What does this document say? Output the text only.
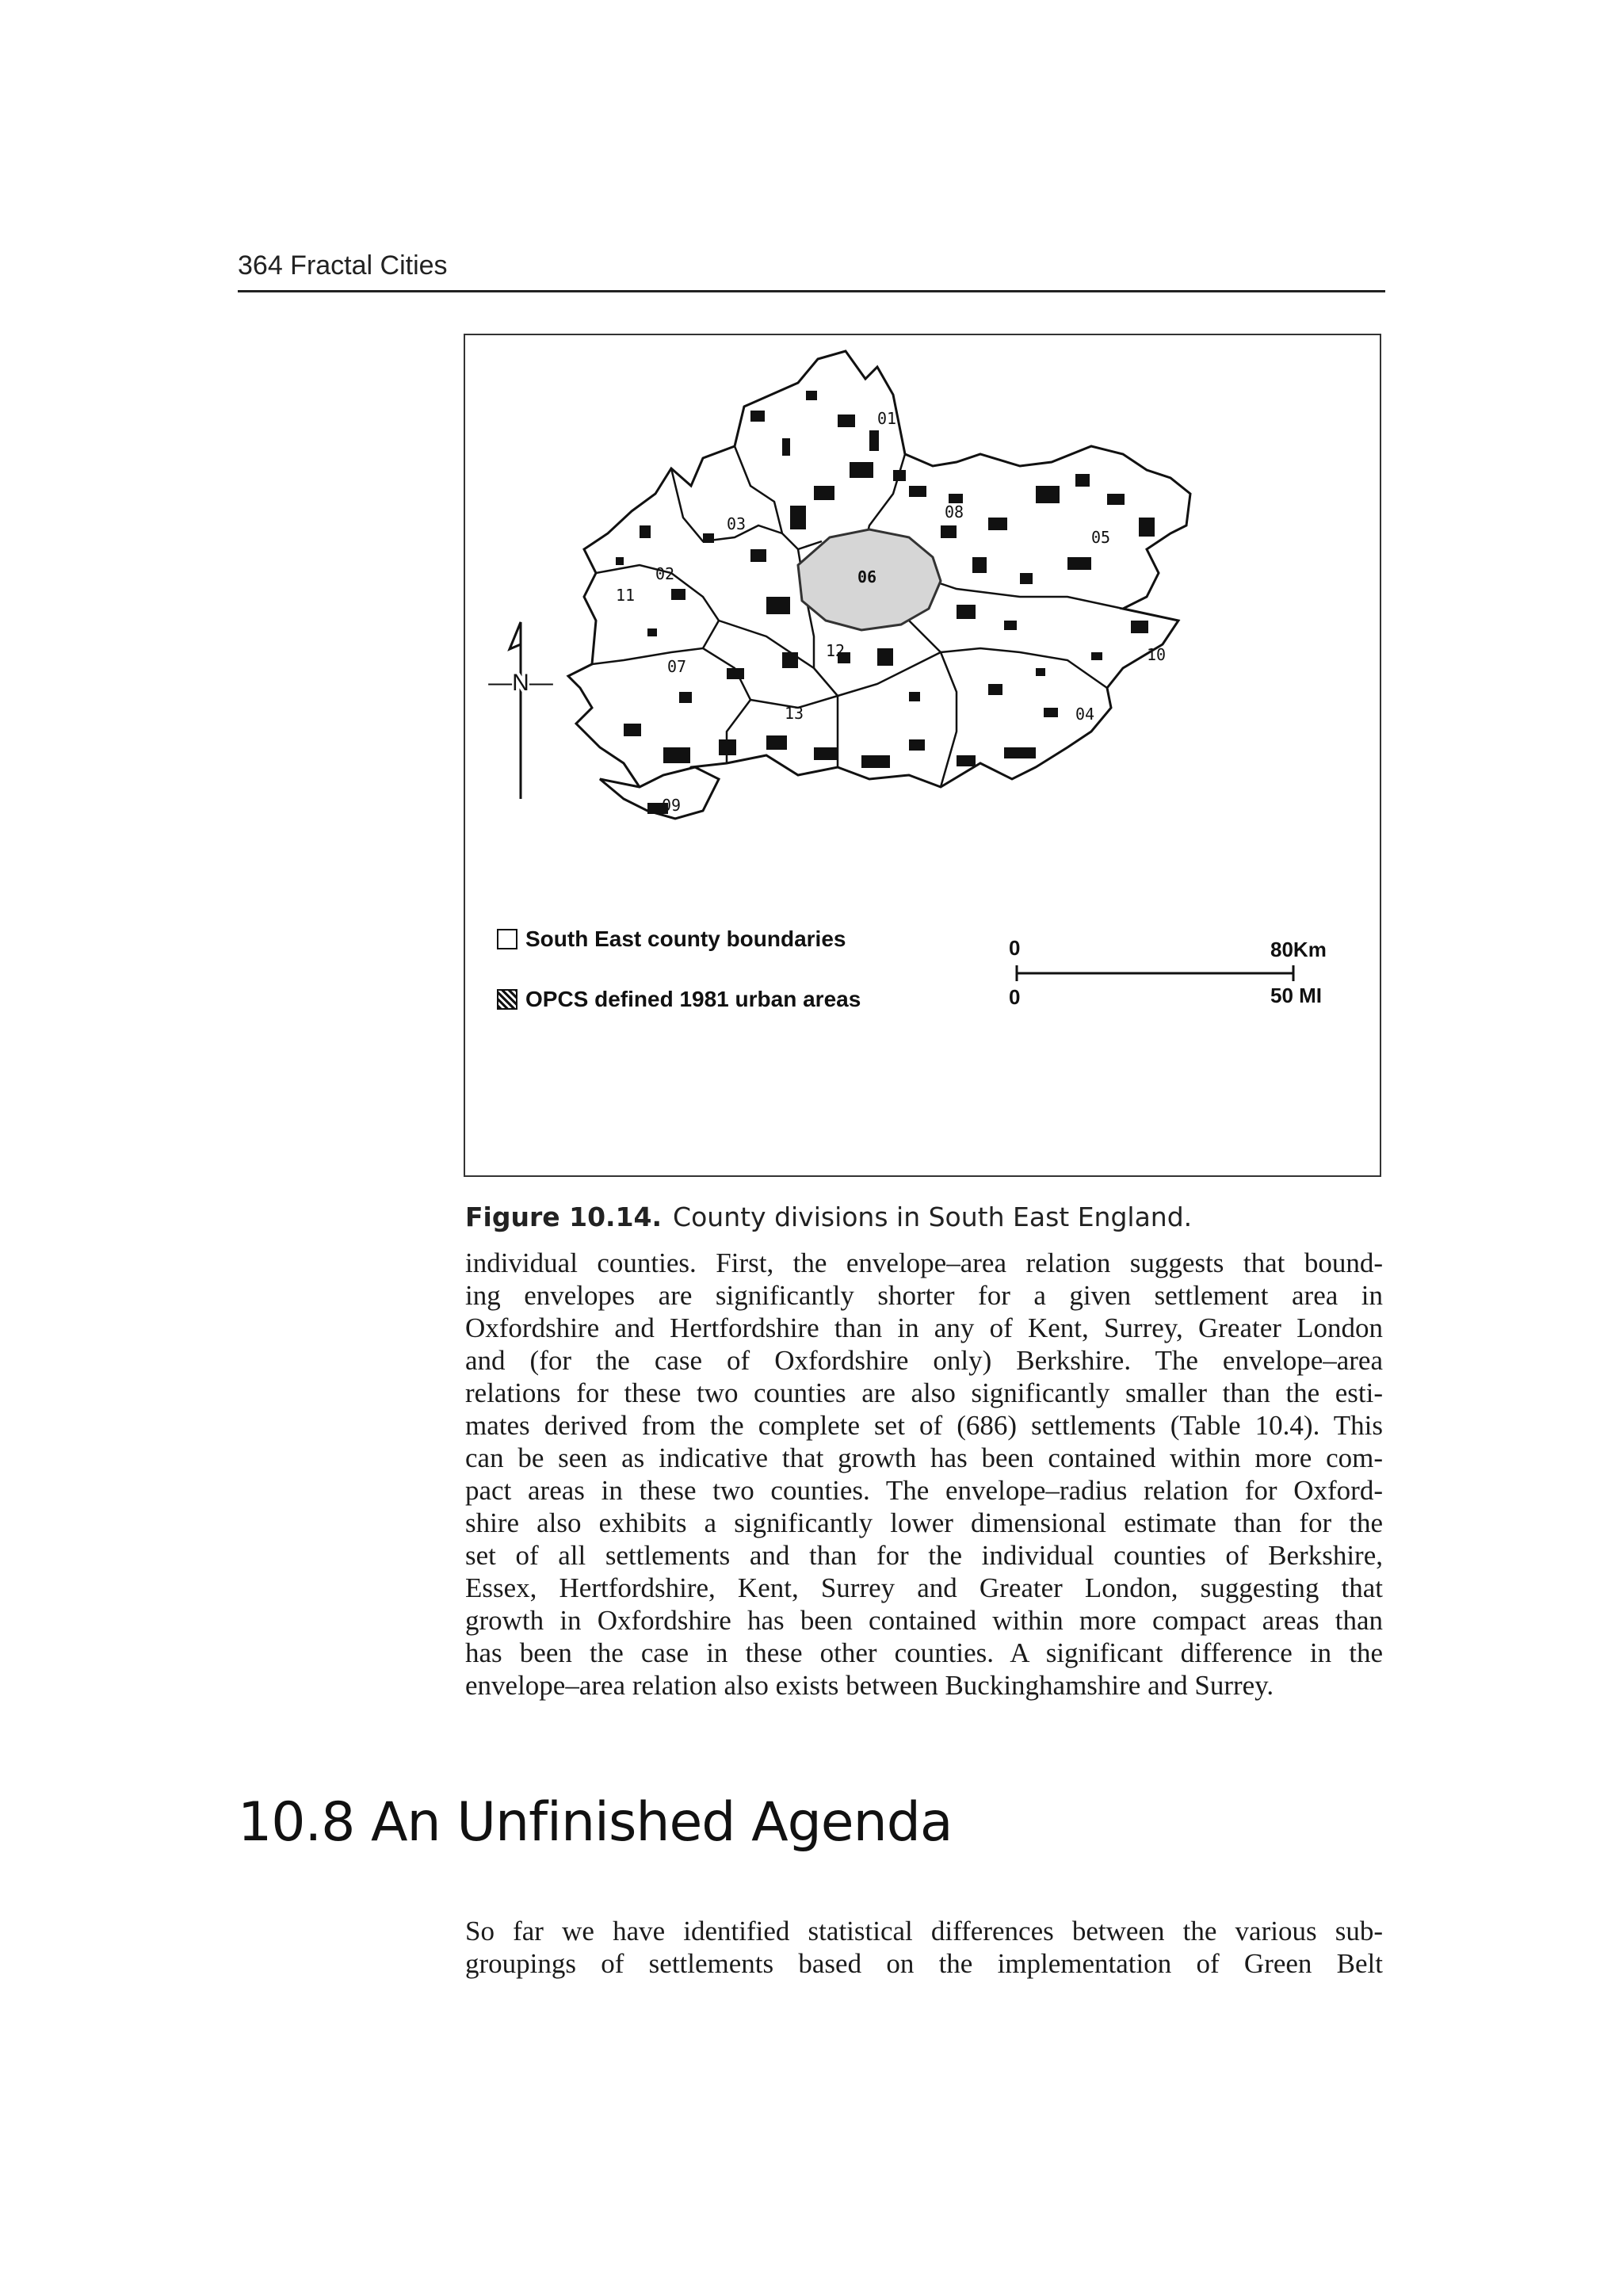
364 Fractal Cities
—N—
01
02
03
04
05
06
07
08
09
10
11
12
13
South East county boundaries
OPCS defined 1981 urban areas
0
0
80Km
50 MI
Figure 10.14. County divisions in South East England.
individual counties. First, the envelope–area relation suggests that bound-
ing envelopes are significantly shorter for a given settlement area in
Oxfordshire and Hertfordshire than in any of Kent, Surrey, Greater London
and (for the case of Oxfordshire only) Berkshire. The envelope–area
relations for these two counties are also significantly smaller than the esti-
mates derived from the complete set of (686) settlements (Table 10.4). This
can be seen as indicative that growth has been contained within more com-
pact areas in these two counties. The envelope–radius relation for Oxford-
shire also exhibits a significantly lower dimensional estimate than for the
set of all settlements and than for the individual counties of Berkshire,
Essex, Hertfordshire, Kent, Surrey and Greater London, suggesting that
growth in Oxfordshire has been contained within more compact areas than
has been the case in these other counties. A significant difference in the
envelope–area relation also exists between Buckinghamshire and Surrey.
10.8 An Unfinished Agenda
So far we have identified statistical differences between the various sub-
groupings of settlements based on the implementation of Green Belt
